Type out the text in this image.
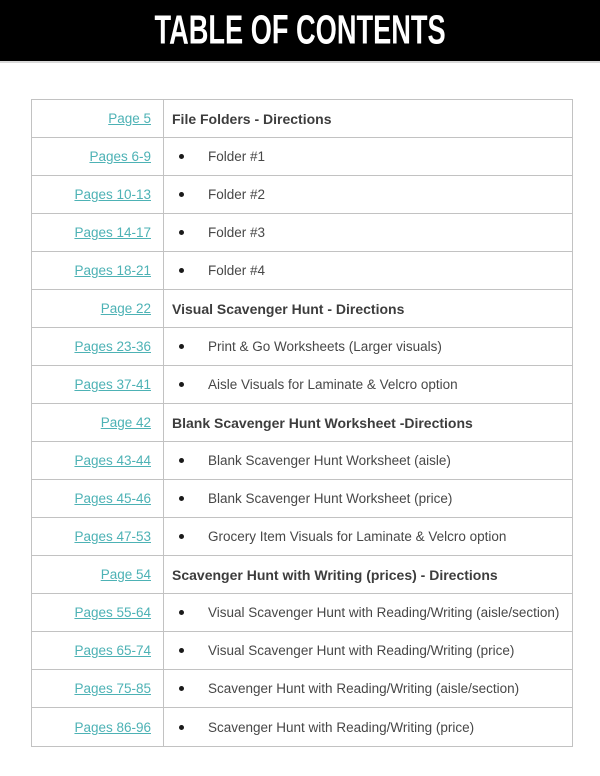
TABLE OF CONTENTS
Page 5 File Folders - Directions
Pages 6-9	Folder #1
Pages 10-13	Folder #2
Pages 14-17	Folder #3
Pages 18-21	Folder #4
Page 22 Visual Scavenger Hunt - Directions
Pages 23-36	Print & Go Worksheets (Larger visuals)
Pages 37-41	Aisle Visuals for Laminate & Velcro option
Page 42 Blank Scavenger Hunt Worksheet -Directions
Pages 43-44	Blank Scavenger Hunt Worksheet (aisle)
Pages 45-46	Blank Scavenger Hunt Worksheet (price)
Pages 47-53	Grocery Item Visuals for Laminate & Velcro option
Page 54 Scavenger Hunt with Writing (prices) - Directions
Pages 55-64	Visual Scavenger Hunt with Reading/Writing (aisle/section)
Pages 65-74	Visual Scavenger Hunt with Reading/Writing (price)
Pages 75-85	Scavenger Hunt with Reading/Writing (aisle/section)
Pages 86-96	Scavenger Hunt with Reading/Writing (price)
